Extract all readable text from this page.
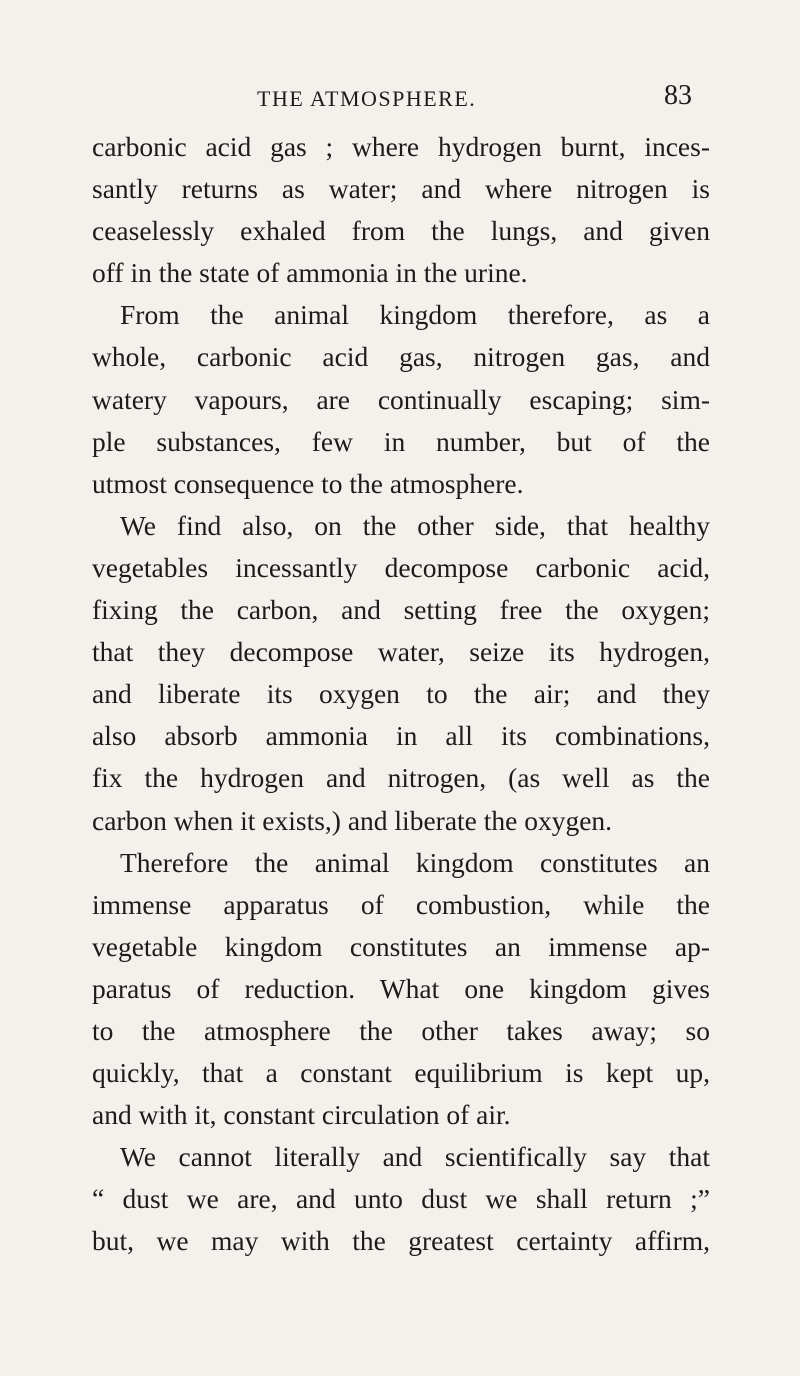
THE ATMOSPHERE.	83
carbonic acid gas ; where hydrogen burnt, inces-
santly returns as water; and where nitrogen is
ceaselessly exhaled from the lungs, and given
off in the state of ammonia in the urine.
From the animal kingdom therefore, as a
whole, carbonic acid gas, nitrogen gas, and
watery vapours, are continually escaping; sim-
ple substances, few in number, but of the
utmost consequence to the atmosphere.
We find also, on the other side, that healthy
vegetables incessantly decompose carbonic acid,
fixing the carbon, and setting free the oxygen;
that they decompose water, seize its hydrogen,
and liberate its oxygen to the air; and they
also absorb ammonia in all its combinations,
fix the hydrogen and nitrogen, (as well as the
carbon when it exists,) and liberate the oxygen.
Therefore the animal kingdom constitutes an
immense apparatus of combustion, while the
vegetable kingdom constitutes an immense ap-
paratus of reduction. What one kingdom gives
to the atmosphere the other takes away; so
quickly, that a constant equilibrium is kept up,
and with it, constant circulation of air.
We cannot literally and scientifically say that
“ dust we are, and unto dust we shall return ;”
but, we may with the greatest certainty affirm,
